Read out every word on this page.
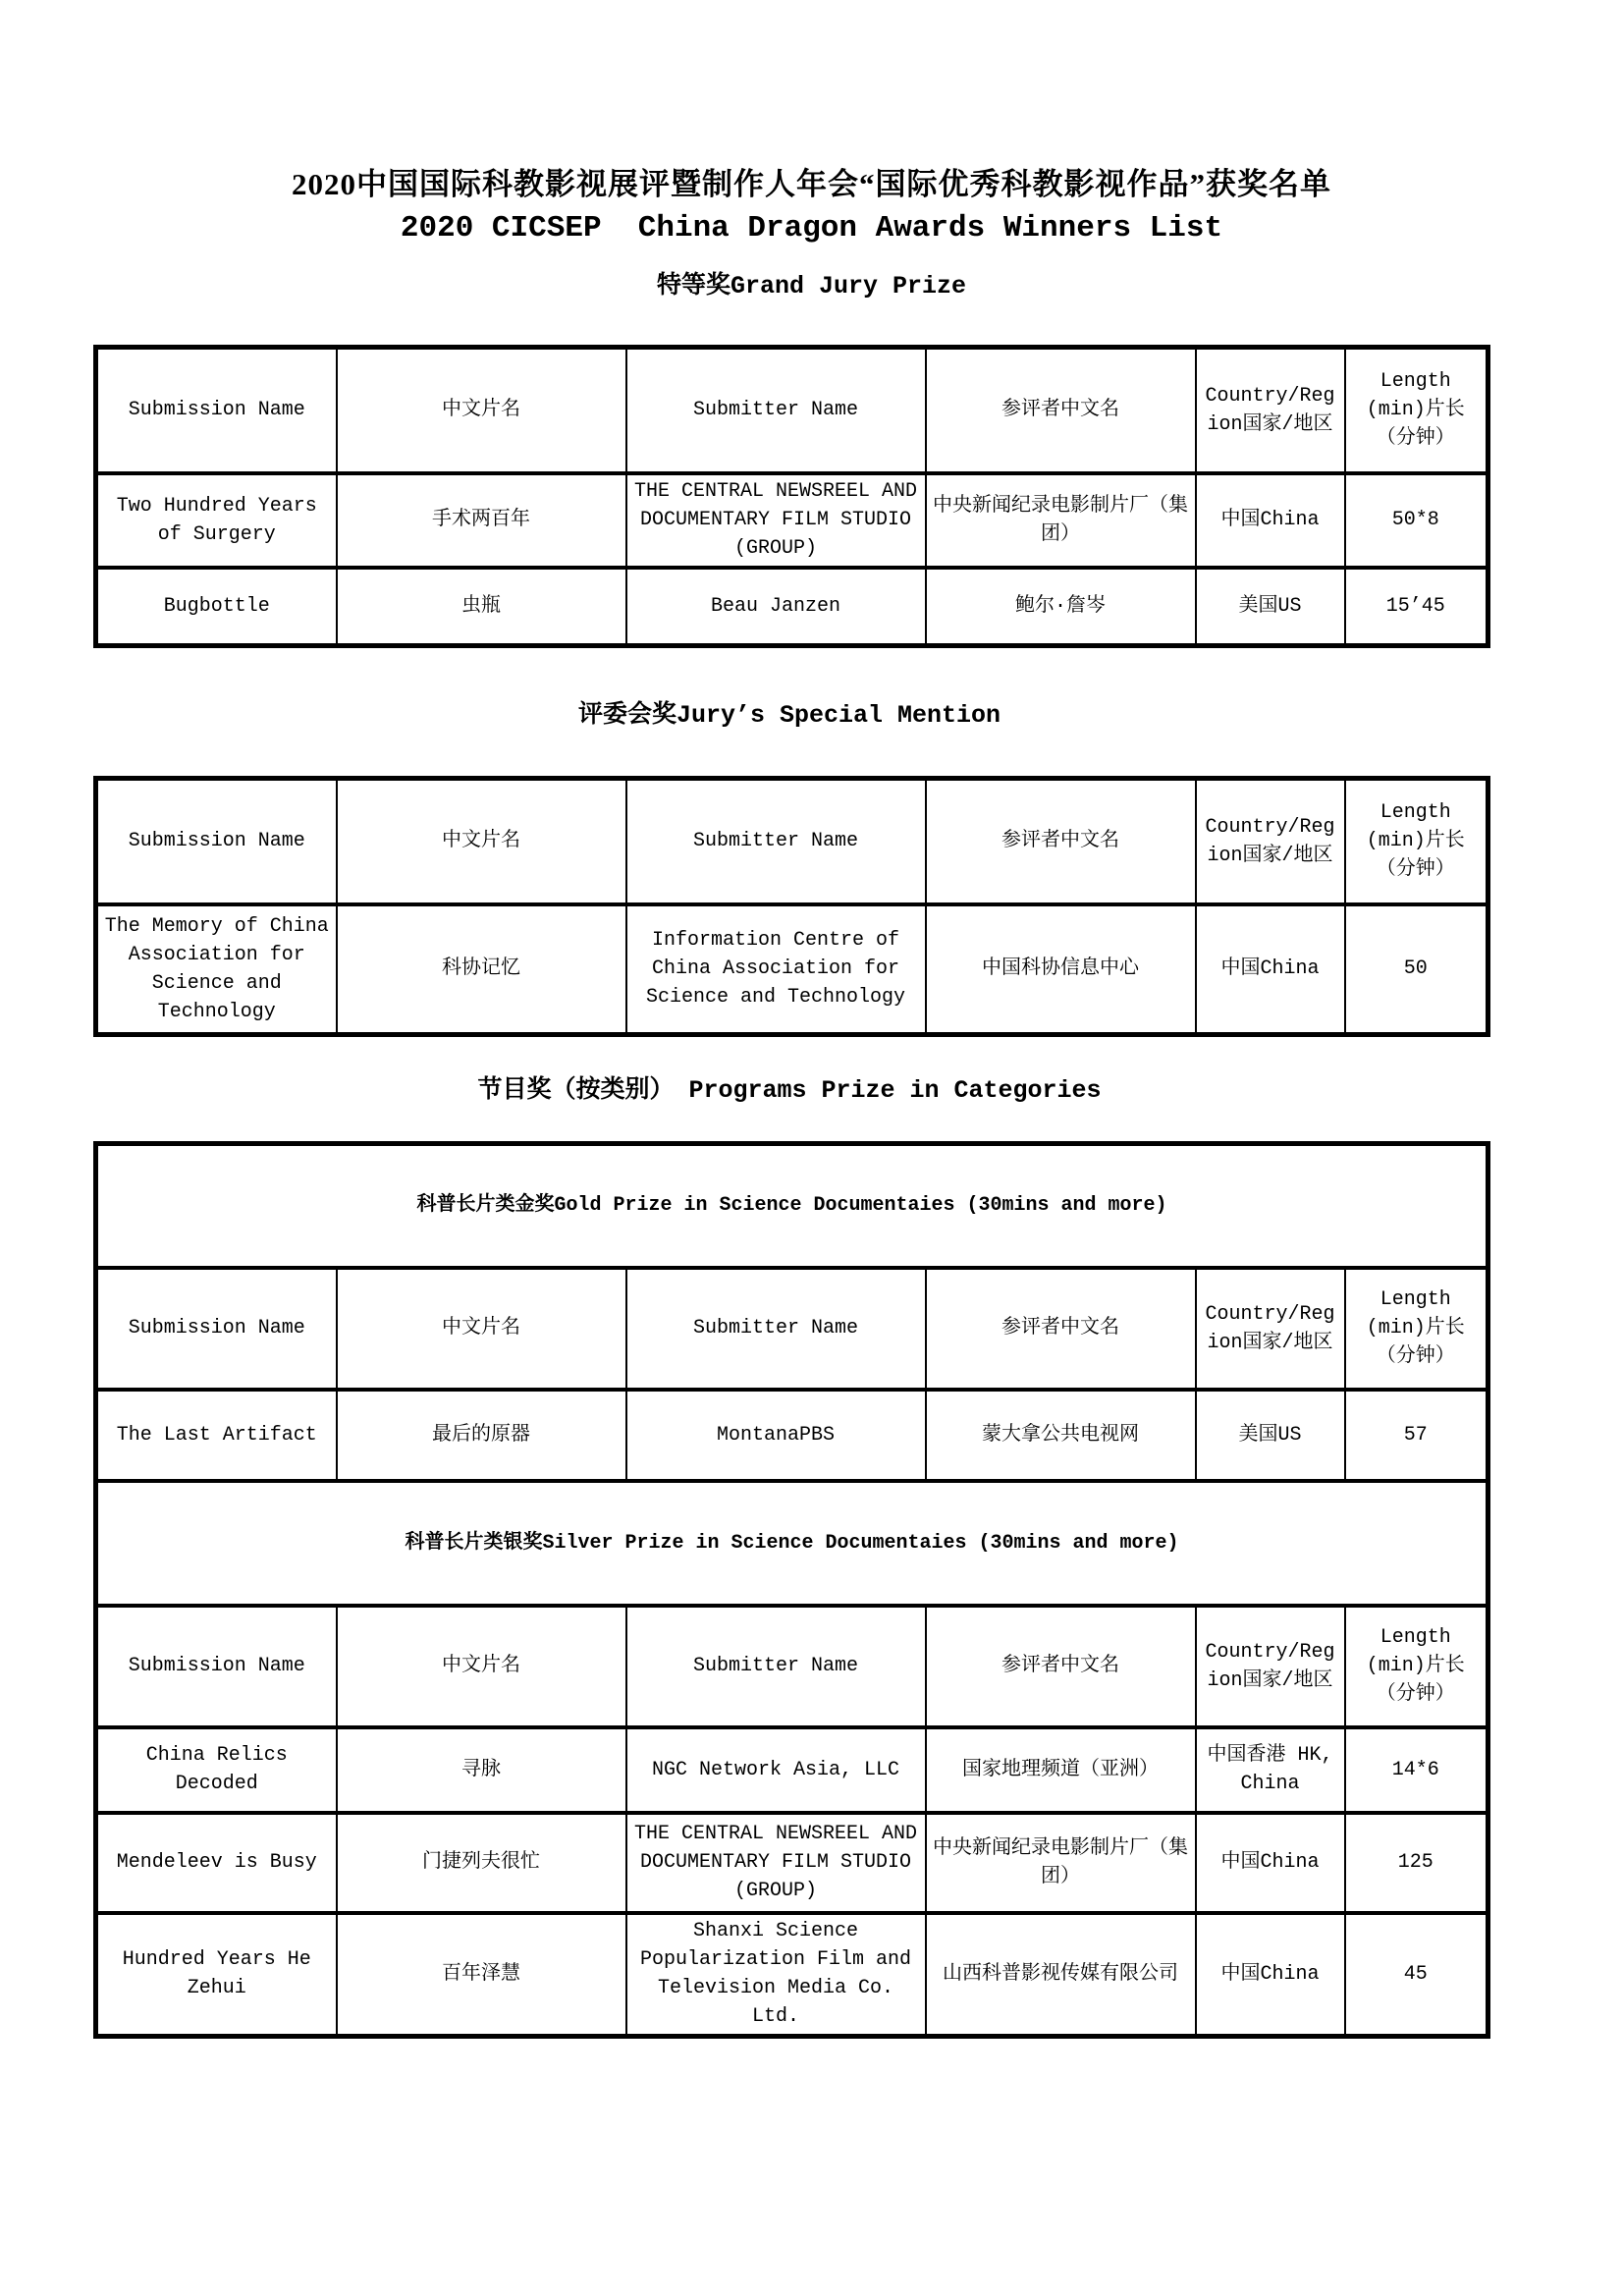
2020中国国际科教影视展评暨制作人年会“国际优秀科教影视作品”获奖名单
2020 CICSEP  China Dragon Awards Winners List
特等奖Grand Jury Prize
Submission Name	中文片名	Submitter Name	参评者中文名	Country/Region国家/地区	Length (min)片长（分钟）
Two Hundred Years of Surgery	手术两百年	THE CENTRAL NEWSREEL AND DOCUMENTARY FILM STUDIO (GROUP)	中央新闻纪录电影制片厂（集团）	中国China	50*8
Bugbottle	虫瓶	Beau Janzen	鲍尔·詹岑	美国US	15’45
评委会奖Jury’s Special Mention
Submission Name	中文片名	Submitter Name	参评者中文名	Country/Region国家/地区	Length (min)片长（分钟）
The Memory of China Association for Science and Technology	科协记忆	Information Centre of China Association for Science and Technology	中国科协信息中心	中国China	50
节目奖（按类别） Programs Prize in Categories
科普长片类金奖Gold Prize in Science Documentaies (30mins and more)					
Submission Name	中文片名	Submitter Name	参评者中文名	Country/Region国家/地区	Length (min)片长（分钟）
The Last Artifact	最后的原器	MontanaPBS	蒙大拿公共电视网	美国US	57
科普长片类银奖Silver Prize in Science Documentaies (30mins and more)					
Submission Name	中文片名	Submitter Name	参评者中文名	Country/Region国家/地区	Length (min)片长（分钟）
China Relics Decoded	寻脉	NGC Network Asia, LLC	国家地理频道（亚洲）	中国香港 HK, China	14*6
Mendeleev is Busy	门捷列夫很忙	THE CENTRAL NEWSREEL AND DOCUMENTARY FILM STUDIO (GROUP)	中央新闻纪录电影制片厂（集团）	中国China	125
Hundred Years He Zehui	百年泽慧	Shanxi Science Popularization Film and Television Media Co. Ltd.	山西科普影视传媒有限公司	中国China	45
